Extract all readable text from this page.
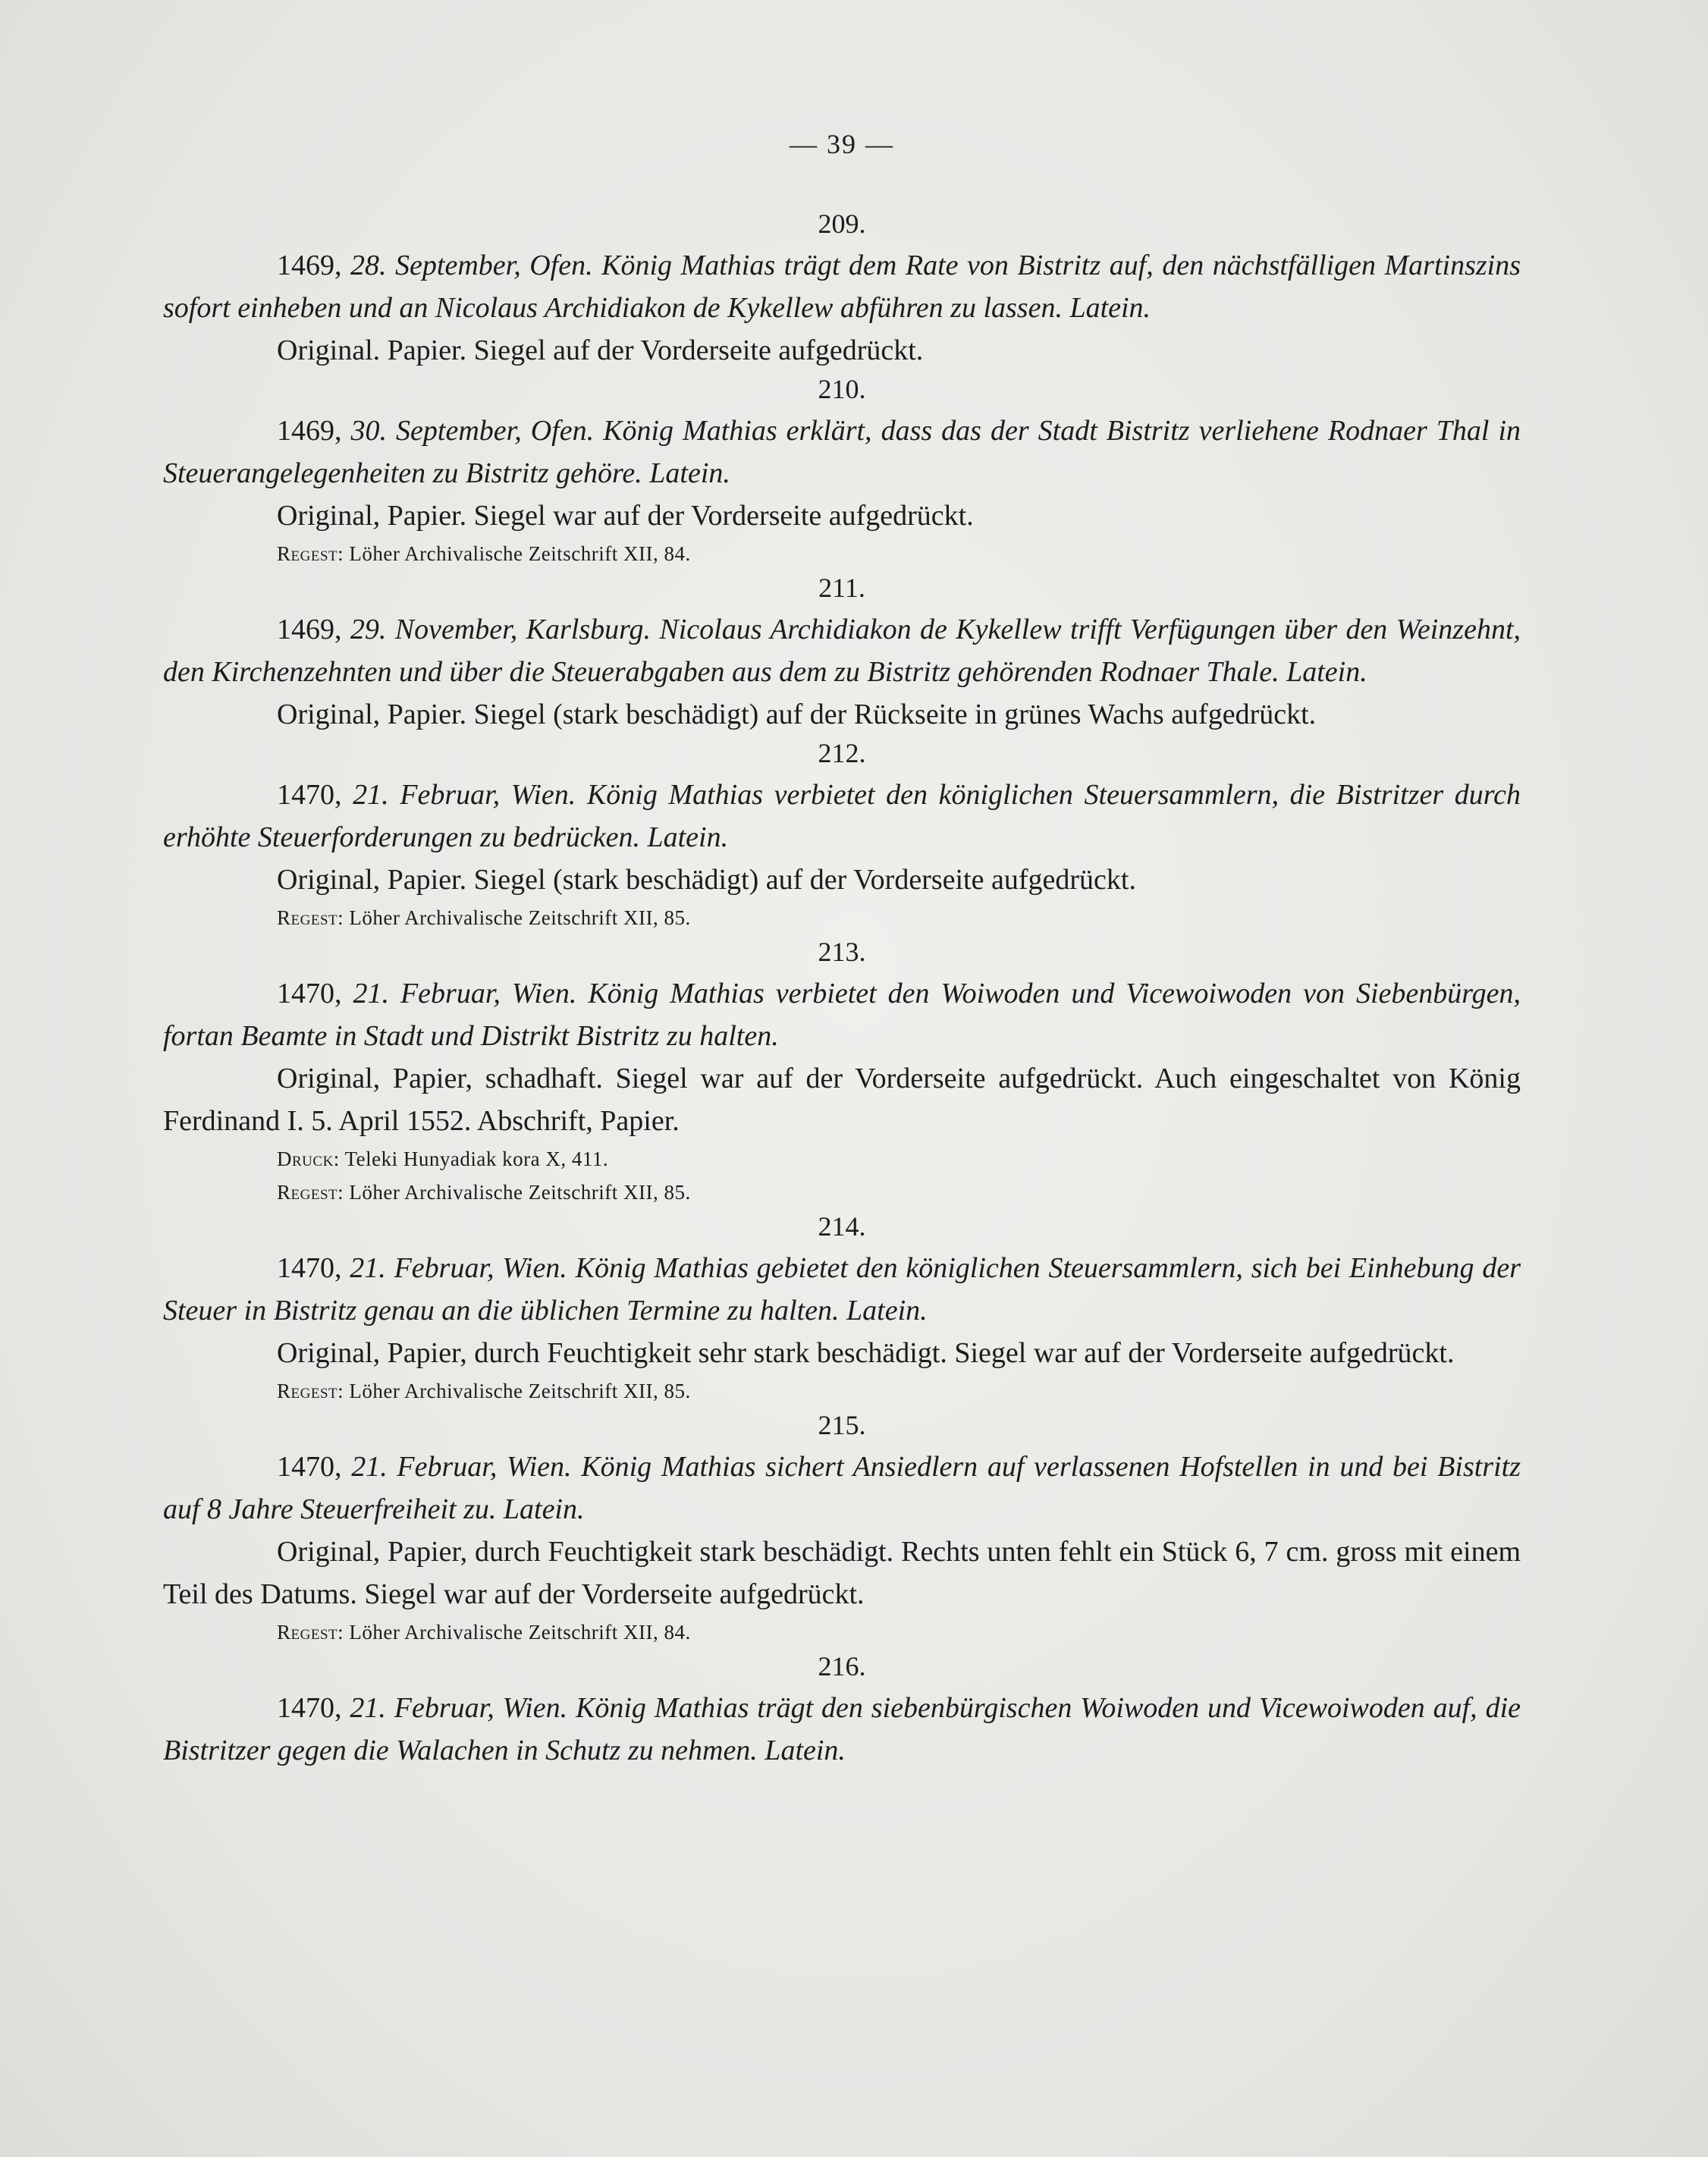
— 39 —
209.

1469, 28. September, Ofen. König Mathias trägt dem Rate von Bistritz auf, den nächstfälligen Martinszins sofort einheben und an Nicolaus Archidiakon de Kykellew abführen zu lassen. Latein.

Original. Papier. Siegel auf der Vorderseite aufgedrückt.

210.

1469, 30. September, Ofen. König Mathias erklärt, dass das der Stadt Bistritz verliehene Rodnaer Thal in Steuerangelegenheiten zu Bistritz gehöre. Latein.

Original, Papier. Siegel war auf der Vorderseite aufgedrückt.

Regest: Löher Archivalische Zeitschrift XII, 84.

211.

1469, 29. November, Karlsburg. Nicolaus Archidiakon de Kykellew trifft Verfügungen über den Weinzehnt, den Kirchenzehnten und über die Steuerabgaben aus dem zu Bistritz gehörenden Rodnaer Thale. Latein.

Original, Papier. Siegel (stark beschädigt) auf der Rückseite in grünes Wachs aufgedrückt.

212.

1470, 21. Februar, Wien. König Mathias verbietet den königlichen Steuersammlern, die Bistritzer durch erhöhte Steuerforderungen zu bedrücken. Latein.

Original, Papier. Siegel (stark beschädigt) auf der Vorderseite aufgedrückt.

Regest: Löher Archivalische Zeitschrift XII, 85.

213.

1470, 21. Februar, Wien. König Mathias verbietet den Woiwoden und Vicewoiwoden von Siebenbürgen, fortan Beamte in Stadt und Distrikt Bistritz zu halten.

Original, Papier, schadhaft. Siegel war auf der Vorderseite aufgedrückt. Auch eingeschaltet von König Ferdinand I. 5. April 1552. Abschrift, Papier.

Druck: Teleki Hunyadiak kora X, 411.

Regest: Löher Archivalische Zeitschrift XII, 85.

214.

1470, 21. Februar, Wien. König Mathias gebietet den königlichen Steuersammlern, sich bei Einhebung der Steuer in Bistritz genau an die üblichen Termine zu halten. Latein.

Original, Papier, durch Feuchtigkeit sehr stark beschädigt. Siegel war auf der Vorderseite aufgedrückt.

Regest: Löher Archivalische Zeitschrift XII, 85.

215.

1470, 21. Februar, Wien. König Mathias sichert Ansiedlern auf verlassenen Hofstellen in und bei Bistritz auf 8 Jahre Steuerfreiheit zu. Latein.

Original, Papier, durch Feuchtigkeit stark beschädigt. Rechts unten fehlt ein Stück 6, 7 cm. gross mit einem Teil des Datums. Siegel war auf der Vorderseite aufgedrückt.

Regest: Löher Archivalische Zeitschrift XII, 84.

216.

1470, 21. Februar, Wien. König Mathias trägt den siebenbürgischen Woiwoden und Vicewoiwoden auf, die Bistritzer gegen die Walachen in Schutz zu nehmen. Latein.
